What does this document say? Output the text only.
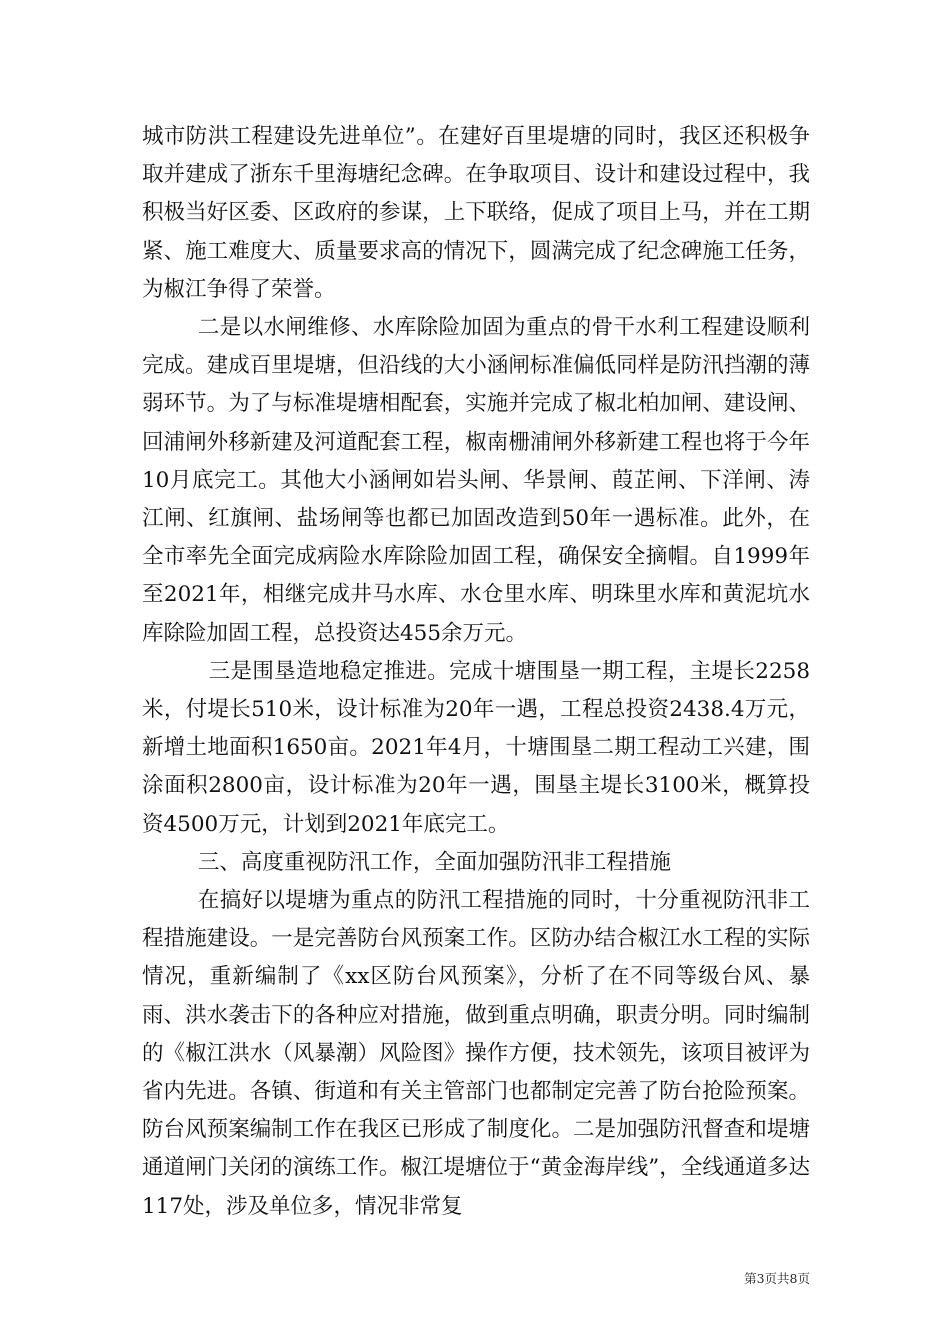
城市防洪工程建设先进单位”。在建好百里堤塘的同时，我区还积极争取并建成了浙东千里海塘纪念碑。在争取项目、设计和建设过程中，我积极当好区委、区政府的参谋，上下联络，促成了项目上马，并在工期紧、施工难度大、质量要求高的情况下，圆满完成了纪念碑施工任务，为椒江争得了荣誉。

二是以水闸维修、水库除险加固为重点的骨干水利工程建设顺利完成。建成百里堤塘，但沿线的大小涵闸标准偏低同样是防汛挡潮的薄弱环节。为了与标准堤塘相配套，实施并完成了椒北柏加闸、建设闸、回浦闸外移新建及河道配套工程，椒南栅浦闸外移新建工程也将于今年10月底完工。其他大小涵闸如岩头闸、华景闸、葭芷闸、下洋闸、涛江闸、红旗闸、盐场闸等也都已加固改造到50年一遇标准。此外，在全市率先全面完成病险水库除险加固工程，确保安全摘帽。自1999年至2021年，相继完成井马水库、水仓里水库、明珠里水库和黄泥坑水库除险加固工程，总投资达455余万元。

三是围垦造地稳定推进。完成十塘围垦一期工程，主堤长2258米，付堤长510米，设计标准为20年一遇，工程总投资2438.4万元，新增土地面积1650亩。2021年4月，十塘围垦二期工程动工兴建，围涂面积2800亩，设计标准为20年一遇，围垦主堤长3100米，概算投资4500万元，计划到2021年底完工。

三、高度重视防汛工作，全面加强防汛非工程措施

在搞好以堤塘为重点的防汛工程措施的同时，十分重视防汛非工程措施建设。一是完善防台风预案工作。区防办结合椒江水工程的实际情况，重新编制了《xx区防台风预案》，分析了在不同等级台风、暴雨、洪水袭击下的各种应对措施，做到重点明确，职责分明。同时编制的《椒江洪水（风暴潮）风险图》操作方便，技术领先，该项目被评为省内先进。各镇、街道和有关主管部门也都制定完善了防台抢险预案。防台风预案编制工作在我区已形成了制度化。二是加强防汛督查和堤塘通道闸门关闭的演练工作。椒江堤塘位于“黄金海岸线”，全线通道多达117处，涉及单位多，情况非常复

第3页共8页
